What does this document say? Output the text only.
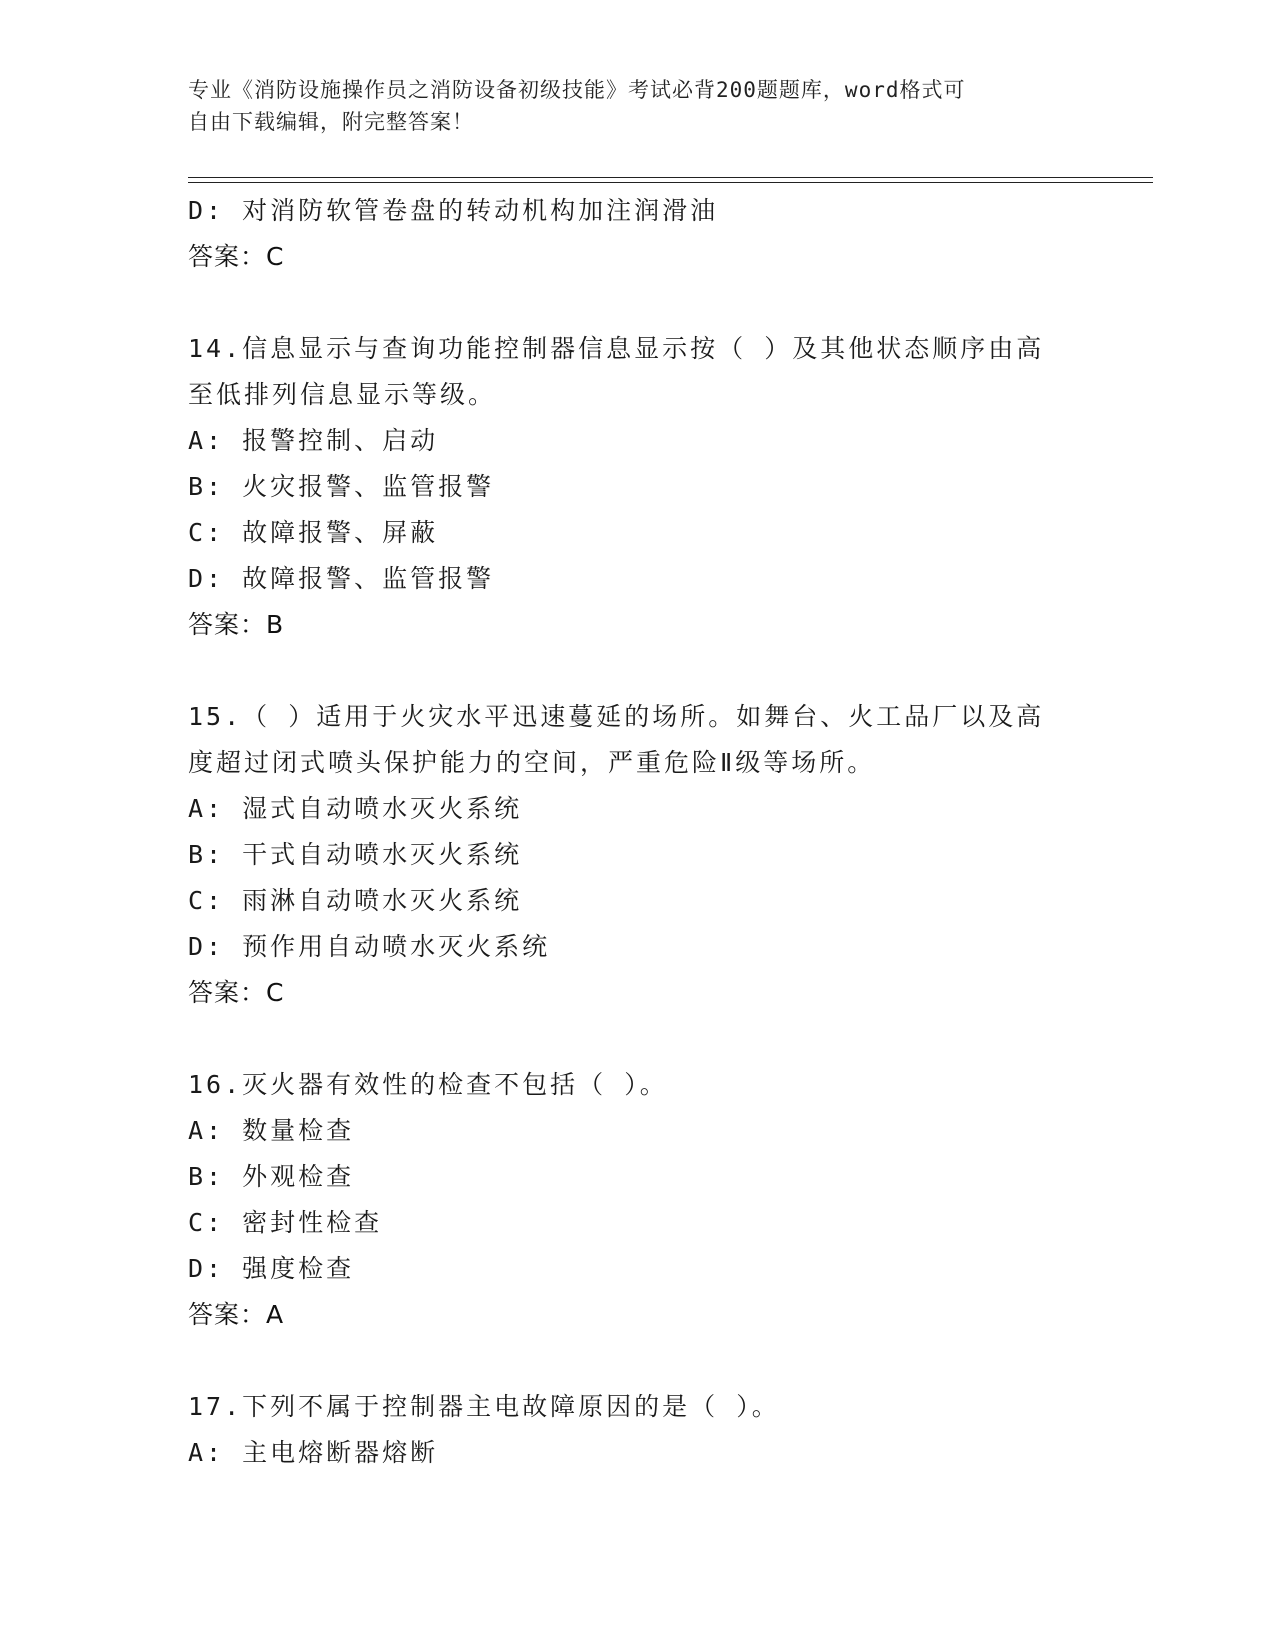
专业《消防设施操作员之消防设备初级技能》考试必背200题题库，word格式可
自由下载编辑，附完整答案！
D: 对消防软管卷盘的转动机构加注润滑油
答案：C
14.信息显示与查询功能控制器信息显示按（ ）及其他状态顺序由高
至低排列信息显示等级。
A: 报警控制、启动
B: 火灾报警、监管报警
C: 故障报警、屏蔽
D: 故障报警、监管报警
答案：B
15.（ ）适用于火灾水平迅速蔓延的场所。如舞台、火工品厂以及高
度超过闭式喷头保护能力的空间，严重危险Ⅱ级等场所。
A: 湿式自动喷水灭火系统
B: 干式自动喷水灭火系统
C: 雨淋自动喷水灭火系统
D: 预作用自动喷水灭火系统
答案：C
16.灭火器有效性的检查不包括（ ）。
A: 数量检查
B: 外观检查
C: 密封性检查
D: 强度检查
答案：A
17.下列不属于控制器主电故障原因的是（ ）。
A: 主电熔断器熔断
